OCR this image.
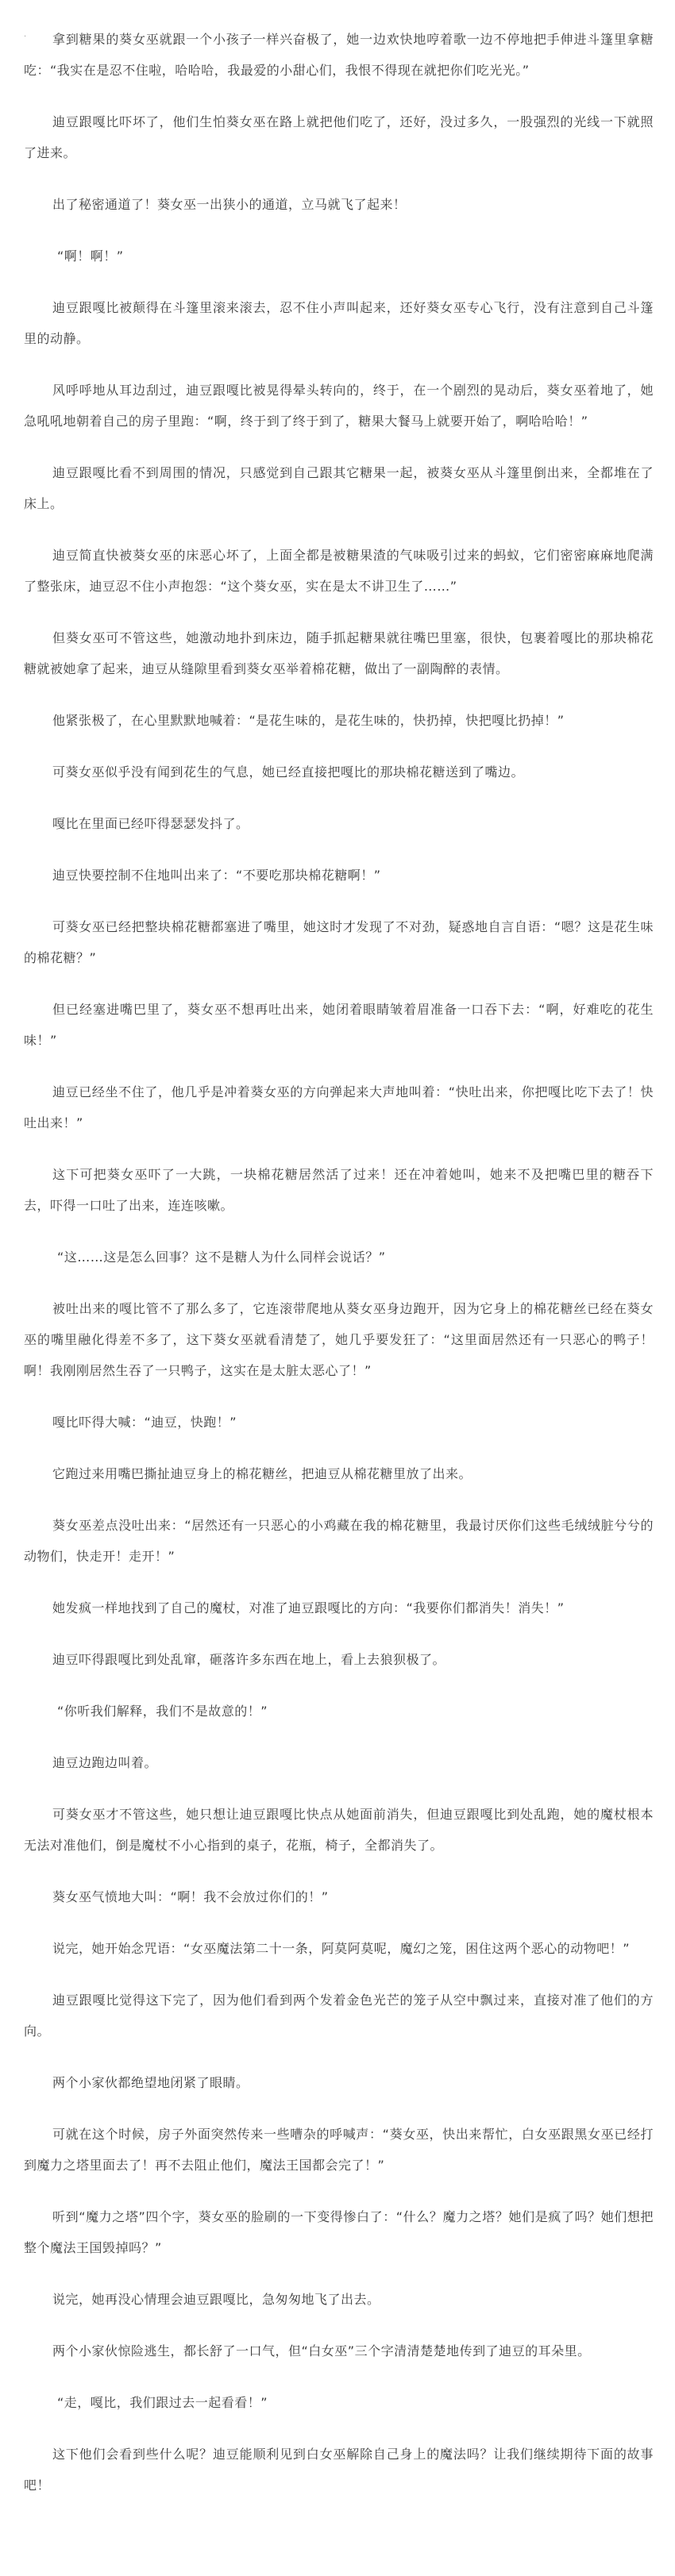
.	拿到糖果的葵女巫就跟一个小孩子一样兴奋极了，她一边欢快地哼着歌一边不停地把手伸进斗篷里拿糖吃：“我实在是忍不住啦，哈哈哈，我最爱的小甜心们，我恨不得现在就把你们吃光光。”

迪豆跟嘎比吓坏了，他们生怕葵女巫在路上就把他们吃了，还好，没过多久，一股强烈的光线一下就照了进来。

出了秘密通道了！葵女巫一出狭小的通道，立马就飞了起来！

“啊！啊！”

迪豆跟嘎比被颠得在斗篷里滚来滚去，忍不住小声叫起来，还好葵女巫专心飞行，没有注意到自己斗篷里的动静。

风呼呼地从耳边刮过，迪豆跟嘎比被晃得晕头转向的，终于，在一个剧烈的晃动后，葵女巫着地了，她急吼吼地朝着自己的房子里跑：“啊，终于到了终于到了，糖果大餐马上就要开始了，啊哈哈哈！”

迪豆跟嘎比看不到周围的情况，只感觉到自己跟其它糖果一起，被葵女巫从斗篷里倒出来，全都堆在了床上。

迪豆简直快被葵女巫的床恶心坏了，上面全都是被糖果渣的气味吸引过来的蚂蚁，它们密密麻麻地爬满了整张床，迪豆忍不住小声抱怨：“这个葵女巫，实在是太不讲卫生了……”

但葵女巫可不管这些，她激动地扑到床边，随手抓起糖果就往嘴巴里塞，很快，包裹着嘎比的那块棉花糖就被她拿了起来，迪豆从缝隙里看到葵女巫举着棉花糖，做出了一副陶醉的表情。

他紧张极了，在心里默默地喊着：“是花生味的，是花生味的，快扔掉，快把嘎比扔掉！”

可葵女巫似乎没有闻到花生的气息，她已经直接把嘎比的那块棉花糖送到了嘴边。

嘎比在里面已经吓得瑟瑟发抖了。

迪豆快要控制不住地叫出来了：“不要吃那块棉花糖啊！”

可葵女巫已经把整块棉花糖都塞进了嘴里，她这时才发现了不对劲，疑惑地自言自语：“嗯？这是花生味的棉花糖？”

但已经塞进嘴巴里了，葵女巫不想再吐出来，她闭着眼睛皱着眉准备一口吞下去：“啊，好难吃的花生味！”

迪豆已经坐不住了，他几乎是冲着葵女巫的方向弹起来大声地叫着：“快吐出来，你把嘎比吃下去了！快吐出来！”

这下可把葵女巫吓了一大跳，一块棉花糖居然活了过来！还在冲着她叫，她来不及把嘴巴里的糖吞下去，吓得一口吐了出来，连连咳嗽。

“这……这是怎么回事？这不是糖人为什么同样会说话？”

被吐出来的嘎比管不了那么多了，它连滚带爬地从葵女巫身边跑开，因为它身上的棉花糖丝已经在葵女巫的嘴里融化得差不多了，这下葵女巫就看清楚了，她几乎要发狂了：“这里面居然还有一只恶心的鸭子！啊！我刚刚居然生吞了一只鸭子，这实在是太脏太恶心了！”

嘎比吓得大喊：“迪豆，快跑！”

它跑过来用嘴巴撕扯迪豆身上的棉花糖丝，把迪豆从棉花糖里放了出来。

葵女巫差点没吐出来：“居然还有一只恶心的小鸡藏在我的棉花糖里，我最讨厌你们这些毛绒绒脏兮兮的动物们，快走开！走开！”

她发疯一样地找到了自己的魔杖，对准了迪豆跟嘎比的方向：“我要你们都消失！消失！”

迪豆吓得跟嘎比到处乱窜，砸落许多东西在地上，看上去狼狈极了。

“你听我们解释，我们不是故意的！”

迪豆边跑边叫着。

可葵女巫才不管这些，她只想让迪豆跟嘎比快点从她面前消失，但迪豆跟嘎比到处乱跑，她的魔杖根本无法对准他们，倒是魔杖不小心指到的桌子，花瓶，椅子，全都消失了。

葵女巫气愤地大叫：“啊！我不会放过你们的！”

说完，她开始念咒语：“女巫魔法第二十一条，阿莫阿莫呢，魔幻之笼，困住这两个恶心的动物吧！”

迪豆跟嘎比觉得这下完了，因为他们看到两个发着金色光芒的笼子从空中飘过来，直接对准了他们的方向。

两个小家伙都绝望地闭紧了眼睛。

可就在这个时候，房子外面突然传来一些嘈杂的呼喊声：“葵女巫，快出来帮忙，白女巫跟黑女巫已经打到魔力之塔里面去了！再不去阻止他们，魔法王国都会完了！”

听到“魔力之塔”四个字，葵女巫的脸刷的一下变得惨白了：“什么？魔力之塔？她们是疯了吗？她们想把整个魔法王国毁掉吗？”

说完，她再没心情理会迪豆跟嘎比，急匆匆地飞了出去。

两个小家伙惊险逃生，都长舒了一口气，但“白女巫”三个字清清楚楚地传到了迪豆的耳朵里。

“走，嘎比，我们跟过去一起看看！”

这下他们会看到些什么呢？迪豆能顺利见到白女巫解除自己身上的魔法吗？让我们继续期待下面的故事吧！
